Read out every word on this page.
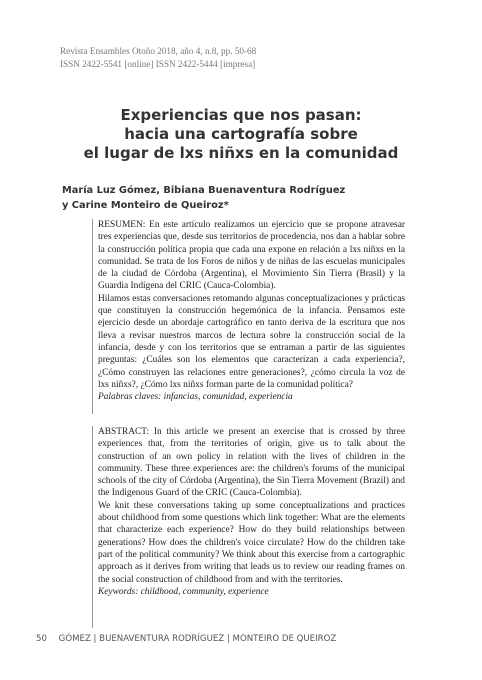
Revista Ensambles Otoño 2018, año 4, n.8, pp. 50-68
ISSN 2422-5541 [online] ISSN 2422-5444 [impresa]
Experiencias que nos pasan:
hacia una cartografía sobre
el lugar de lxs niñxs en la comunidad
María Luz Gómez, Bibiana Buenaventura Rodríguez
y Carine Monteiro de Queiroz*

RESUMEN: En este artículo realizamos un ejercicio que se propone atravesar tres experiencias que, desde sus territorios de procedencia, nos dan a hablar sobre la construcción política propia que cada una expone en relación a lxs niñxs en la comunidad. Se trata de los Foros de niños y de niñas de las escuelas municipales de la ciudad de Córdoba (Argentina), el Movimiento Sin Tierra (Brasil) y la Guardia Indígena del CRIC (Cauca-Colombia).

Hilamos estas conversaciones retomando algunas conceptualizaciones y prácticas que constituyen la construcción hegemónica de la infancia. Pensamos este ejercicio desde un abordaje cartográfico en tanto deriva de la escritura que nos lleva a revisar nuestros marcos de lectura sobre la construcción social de la infancia, desde y con los territorios que se entraman a partir de las siguientes preguntas: ¿Cuáles son los elementos que caracterizan a cada experiencia?, ¿Cómo construyen las relaciones entre generaciones?, ¿cómo circula la voz de lxs niñxs?, ¿Cómo lxs niñxs forman parte de la comunidad política?

Palabras claves: infancias, comunidad, experiencia

ABSTRACT: In this article we present an exercise that is crossed by three experiences that, from the territories of origin, give us to talk about the construction of an own policy in relation with the lives of children in the community. These three experiences are: the children's forums of the municipal schools of the city of Córdoba (Argentina), the Sin Tierra Movement (Brazil) and the Indigenous Guard of the CRIC (Cauca-Colombia).

We knit these conversations taking up some conceptualizations and practices about childhood from some questions which link together: What are the elements that characterize each experience? How do they build relationships between generations? How does the children's voice circulate? How do the children take part of the political community? We think about this exercise from a cartographic approach as it derives from writing that leads us to review our reading frames on the social construction of childhood from and with the territories.

Keywords: childhood, community, experience

50 GÓMEZ | BUENAVENTURA RODRÍGUEZ | MONTEIRO DE QUEIROZ
